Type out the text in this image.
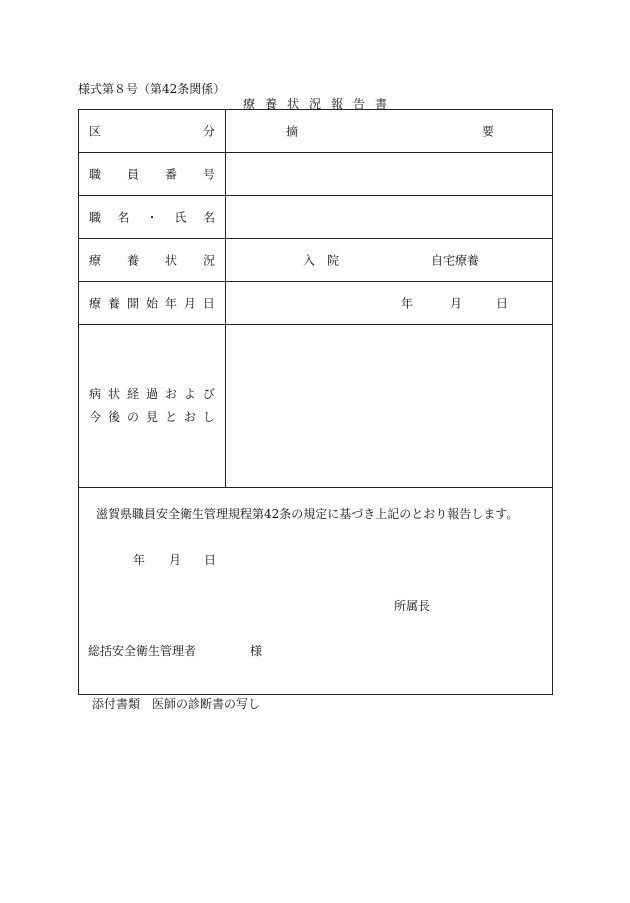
様式第８号（第42条関係）
療養状況報告書
区	分	摘	要
職 員 番 号
職 名 ・ 氏 名
療 養 状 況	入　院	自宅療養
療 養 開 始 年 月 日	年	月	日
病 状 経 過 お よ び
今 後 の 見 と お し
滋賀県職員安全衛生管理規程第42条の規定に基づき上記のとおり報告します。
年 月 日
所属長
総括安全衛生管理者	様
添付書類　医師の診断書の写し
